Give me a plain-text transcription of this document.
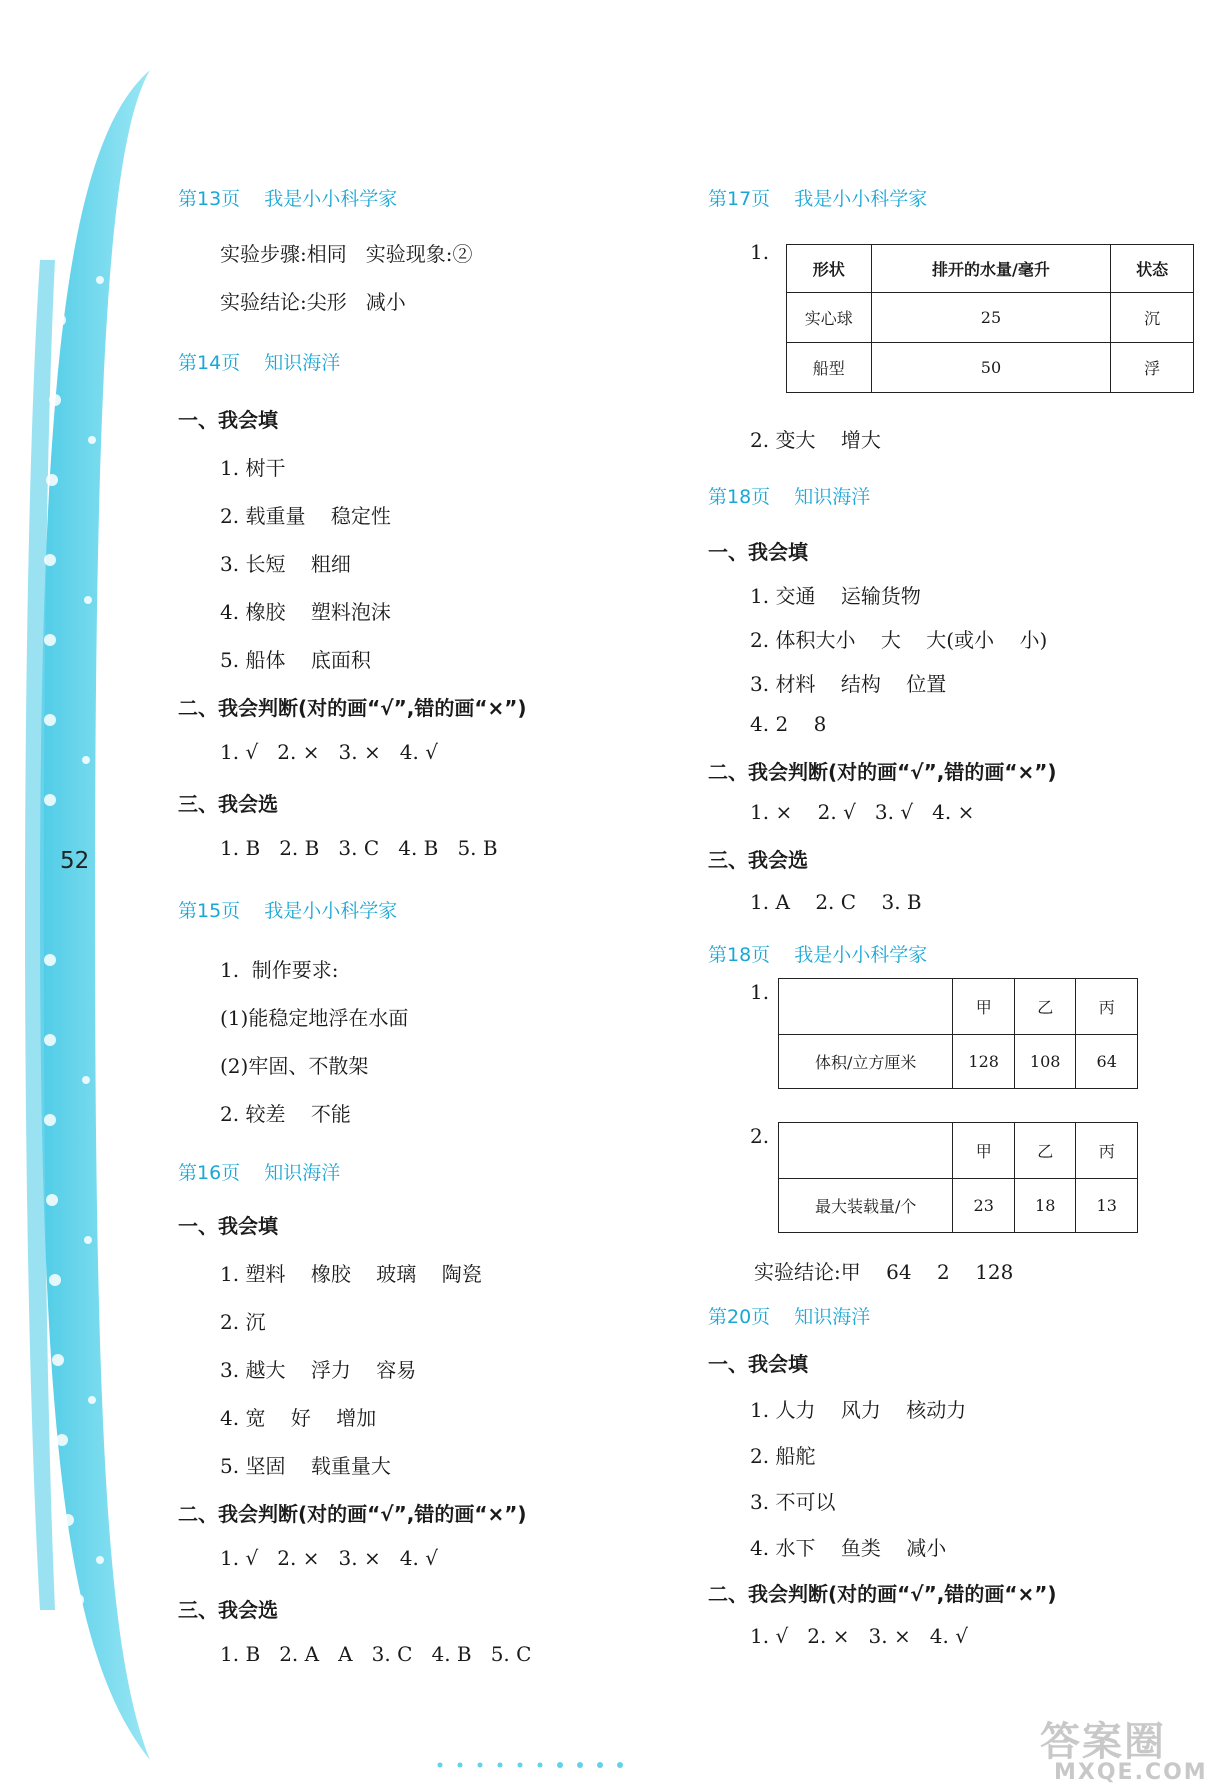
52
第13页 我是小小科学家
实验步骤:相同   实验现象:②
实验结论:尖形   减小
第14页 知识海洋
一、我会填
1. 树干
2. 载重量    稳定性
3. 长短    粗细
4. 橡胶    塑料泡沫
5. 船体    底面积
二、我会判断(对的画“√”,错的画“×”)
1. √   2. ×   3. ×   4. √
三、我会选
1. B   2. B   3. C   4. B   5. B
第15页 我是小小科学家
1.  制作要求:
(1)能稳定地浮在水面
(2)牢固、不散架
2. 较差    不能
第16页 知识海洋
一、我会填
1. 塑料    橡胶    玻璃    陶瓷
2. 沉
3. 越大    浮力    容易
4. 宽    好    增加
5. 坚固    载重量大
二、我会判断(对的画“√”,错的画“×”)
1. √   2. ×   3. ×   4. √
三、我会选
1. B   2. A   A   3. C   4. B   5. C
第17页 我是小小科学家
1.
形状	排开的水量/毫升	状态
实心球	25	沉
船型	50	浮
2. 变大    增大
第18页 知识海洋
一、我会填
1. 交通    运输货物
2. 体积大小    大    大(或小    小)
3. 材料    结构    位置
4. 2    8
二、我会判断(对的画“√”,错的画“×”)
1. ×    2. √   3. √   4. ×
三、我会选
1. A    2. C    3. B
第18页 我是小小科学家
1.
	甲	乙	丙
体积/立方厘米	128	108	64
2.
	甲	乙	丙
最大装载量/个	23	18	13
实验结论:甲    64    2    128
第20页 知识海洋
一、我会填
1. 人力    风力    核动力
2. 船舵
3. 不可以
4. 水下    鱼类    减小
二、我会判断(对的画“√”,错的画“×”)
1. √   2. ×   3. ×   4. √
答案圈
MXQE.COM
